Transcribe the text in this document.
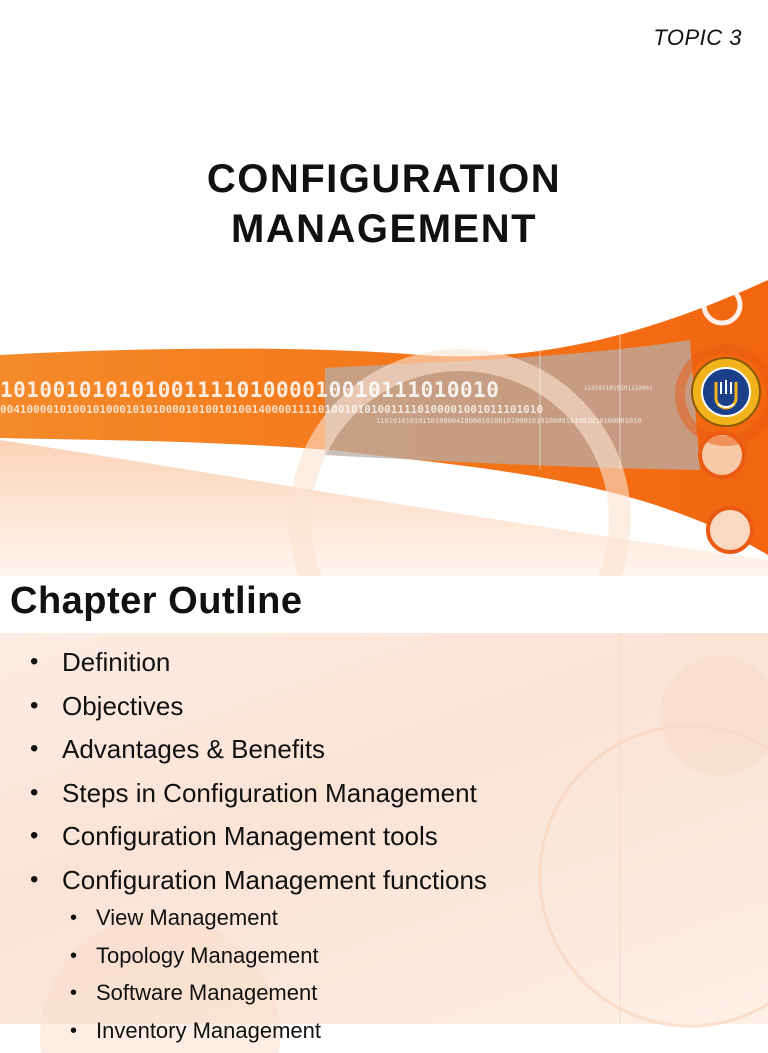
TOPIC 3
CONFIGURATION
MANAGEMENT
10100101010100111101000010010111010010
0041000010100101000101010000101001010014000011110100101010011110100001001011101010
110101010101101000041000010100101000101010000101001010100001010
1101011010101110001
Chapter Outline
• Definition
• Objectives
• Advantages & Benefits
• Steps in Configuration Management
• Configuration Management tools
• Configuration Management functions
• View Management
• Topology Management
• Software Management
• Inventory Management
